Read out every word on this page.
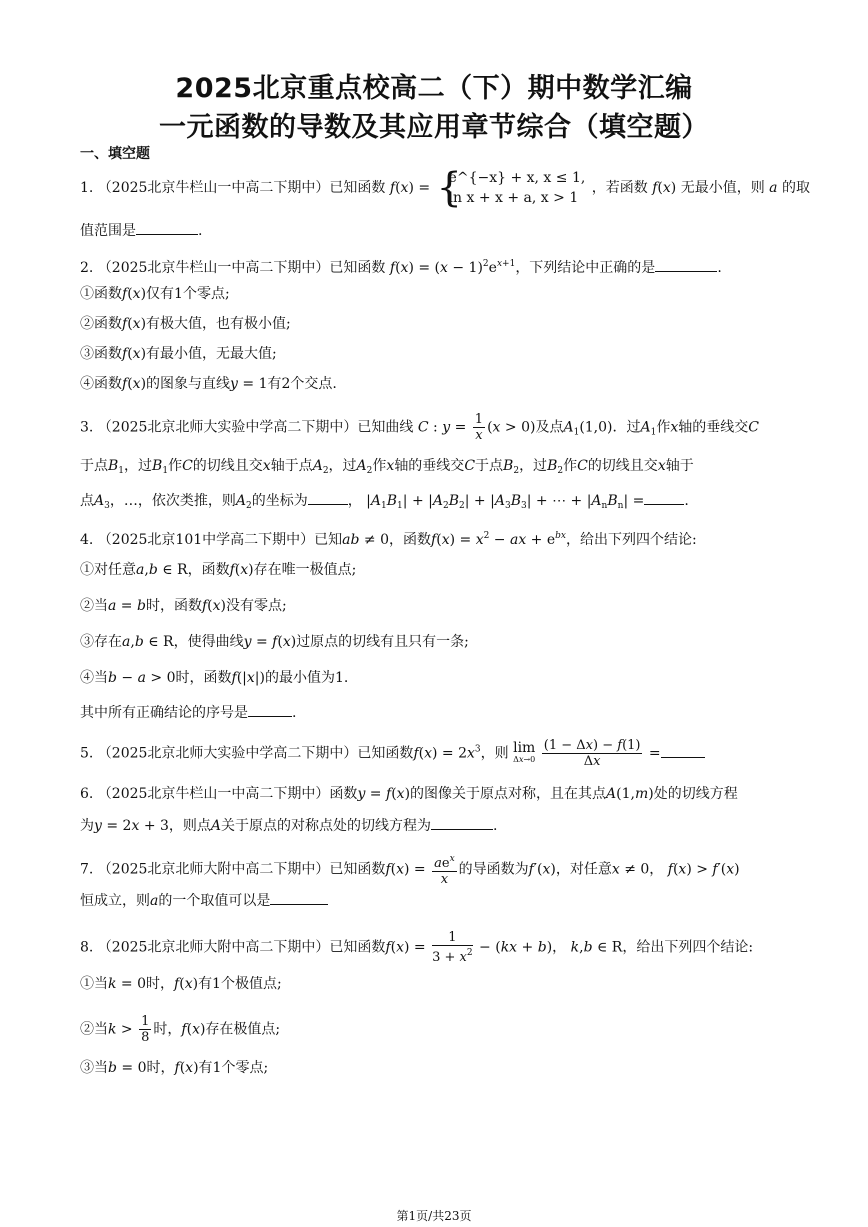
2025北京重点校高二（下）期中数学汇编
一元函数的导数及其应用章节综合（填空题）
一、填空题
1. （2025北京牛栏山一中高二下期中）已知函数 f(x) = {
e^{−x} + x, x ≤ 1,
ln x + x + a, x > 1
，若函数 f(x) 无最小值，则 a 的取
值范围是	.
2. （2025北京牛栏山一中高二下期中）已知函数 $f(x) = (x - 1)^2e^{x+1}$，下列结论中正确的是	.
①函数f(x)仅有1个零点;
②函数f(x)有极大值，也有极小值;
③函数f(x)有最小值，无最大值;
④函数f(x)的图象与直线y = 1有2个交点.
3. （2025北京北师大实验中学高二下期中）已知曲线 C : $y = \frac{1}{x} (x > 0)$及点$A_1(1,0)$．过$A_1$作x轴的垂线交C
于点$B_1$，过$B_1$作C的切线且交x轴于点$A_2$，过$A_2$作x轴的垂线交C于点$B_2$，过$B_2$作C的切线且交x轴于
点$A_3$，…，依次类推，则$A_2$的坐标为	， $|A_1B_1| + |A_2B_2| + |A_3B_3|$ + ⋯ + $|A_nB_n|$ =	.
4. （2025北京101中学高二下期中）已知ab ≠ 0，函数$f(x) = x^2$ − ax + $e^{bx}$，给出下列四个结论:
①对任意a,b ∈ R，函数f(x)存在唯一极值点;
②当a = b时，函数f(x)没有零点;
③存在a,b ∈ R，使得曲线y = f(x)过原点的切线有且只有一条;
④当b − a > 0时，函数f(|x|)的最小值为1.
其中所有正确结论的序号是	.
5. （2025北京北师大实验中学高二下期中）已知函数$f(x) = 2x^3$，则 lim
Δx→0
$\frac{(1 - \Delta x) - f(1)}{\Delta x}$ =
6. （2025北京牛栏山一中高二下期中）函数y = f(x)的图像关于原点对称，且在其点A(1,m)处的切线方程
为y = 2x + 3，则点A关于原点的对称点处的切线方程为	.
7. （2025北京北师大附中高二下期中）已知函数$f(x) = \frac{ae^x}{x}$ 的导函数为f′(x)，对任意x ≠ 0， f(x) > f′(x)
恒成立，则a的一个取值可以是
8. （2025北京北师大附中高二下期中）已知函数$f(x) = \frac{1}{3 + x^2} - (kx + b)$， k,b ∈ R，给出下列四个结论:
①当k = 0时，f(x)有1个极值点;
②当$k > \frac{1}{8}$ 时，f(x)存在极值点;
③当b = 0时，f(x)有1个零点;
第1页/共23页
